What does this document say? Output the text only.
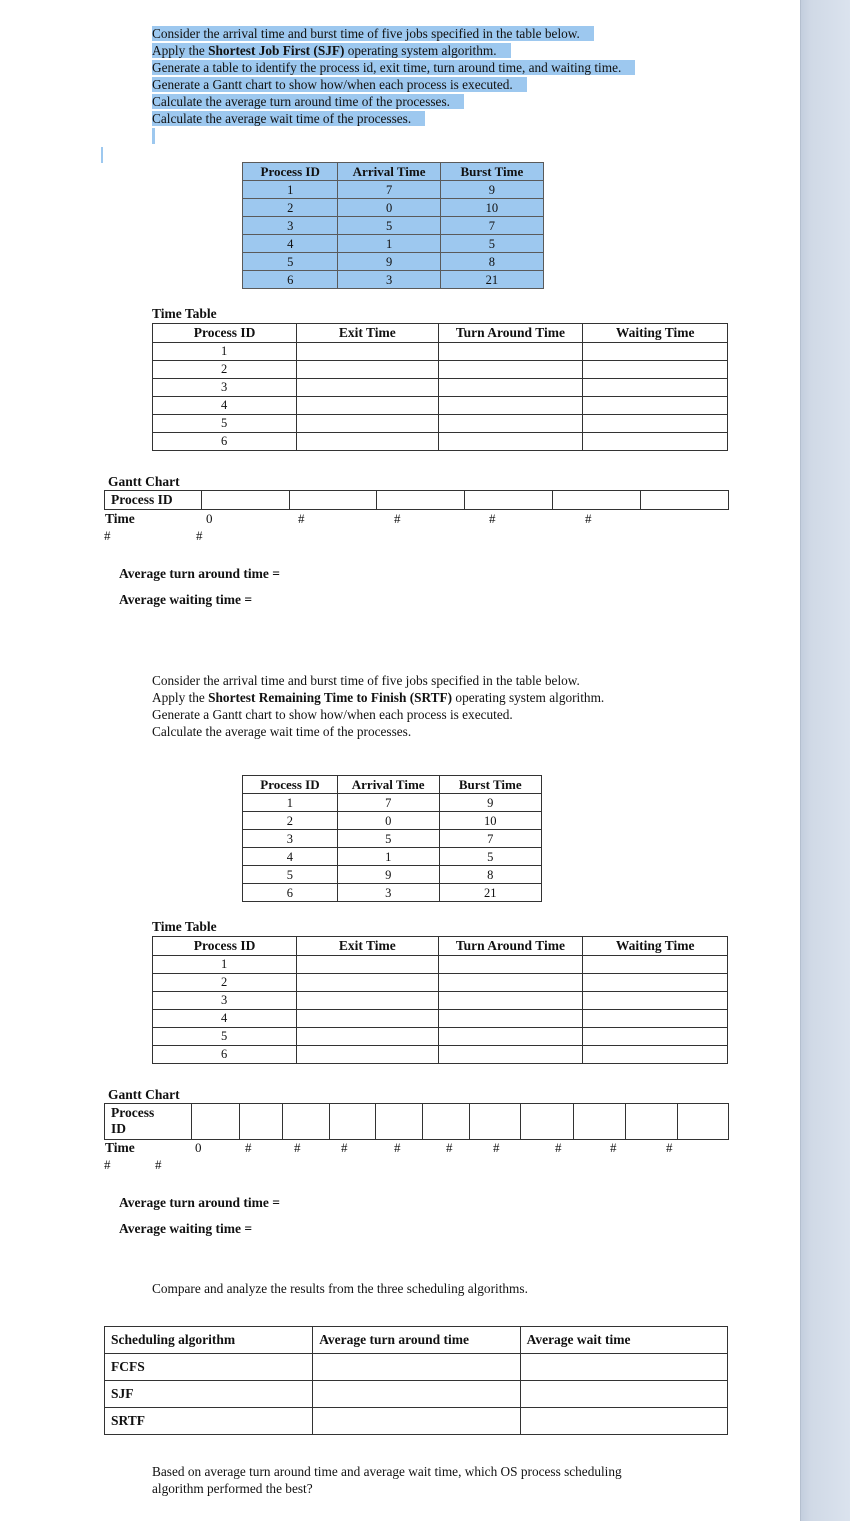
Consider the arrival time and burst time of five jobs specified in the table below.
Apply the Shortest Job First (SJF) operating system algorithm.
Generate a table to identify the process id, exit time, turn around time, and waiting time.
Generate a Gantt chart to show how/when each process is executed.
Calculate the average turn around time of the processes.
Calculate the average wait time of the processes.
Process ID	Arrival Time	Burst Time
1	7	9
2	0	10
3	5	7
4	1	5
5	9	8
6	3	21
Time Table
Process ID	Exit Time	Turn Around Time	Waiting Time
1			
2			
3			
4			
5			
6			
Gantt Chart
Process ID
Time	0	#	#	#	#
#	#
Average turn around time =
Average waiting time =
Consider the arrival time and burst time of five jobs specified in the table below.
Apply the Shortest Remaining Time to Finish (SRTF) operating system algorithm.
Generate a Gantt chart to show how/when each process is executed.
Calculate the average wait time of the processes.
Process ID	Arrival Time	Burst Time
1	7	9
2	0	10
3	5	7
4	1	5
5	9	8
6	3	21
Time Table
Process ID	Exit Time	Turn Around Time	Waiting Time
1			
2			
3			
4			
5			
6			
Gantt Chart
Process
ID
Time	0	#	#	#	#	#	#	#	#	#
#	#
Average turn around time =
Average waiting time =
Compare and analyze the results from the three scheduling algorithms.
Scheduling algorithm	Average turn around time	Average wait time
FCFS		
SJF		
SRTF		
Based on average turn around time and average wait time, which OS process scheduling
algorithm performed the best?
